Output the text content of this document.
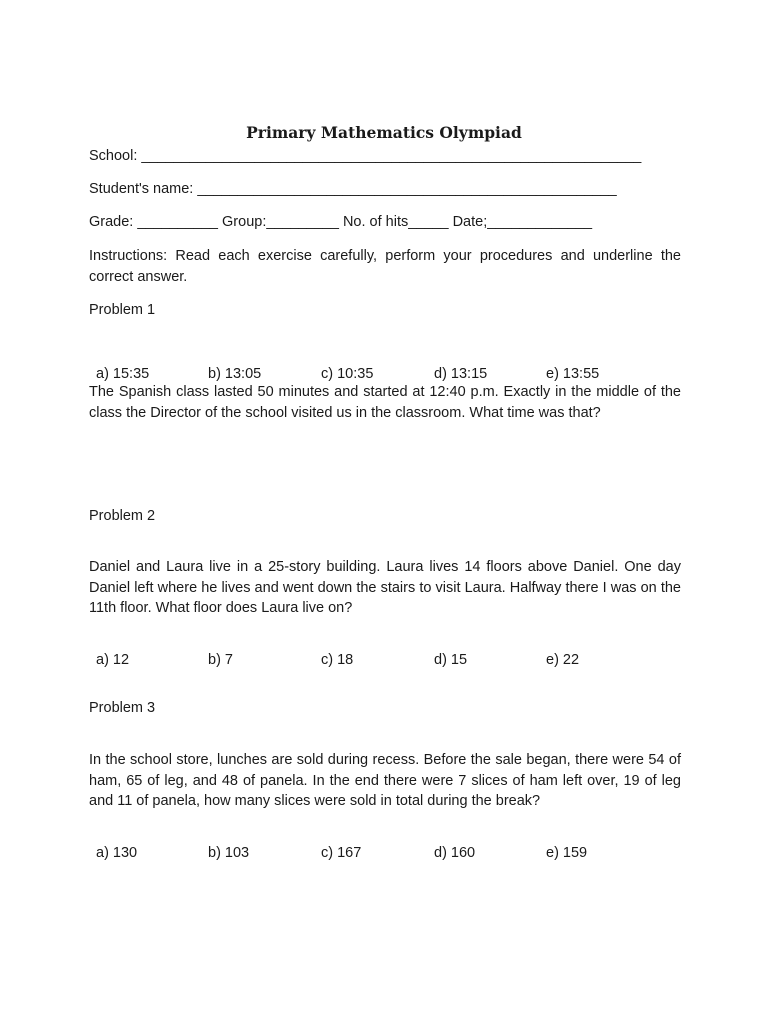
Primary Mathematics Olympiad
School: ______________________________________________________________
Student's name: ____________________________________________________
Grade: __________ Group:_________ No. of hits_____ Date;_____________
Instructions: Read each exercise carefully, perform your procedures and underline the correct answer.
Problem 1
a) 15:35	b) 13:05	c) 10:35	d) 13:15	e) 13:55
The Spanish class lasted 50 minutes and started at 12:40 p.m. Exactly in the middle of the class the Director of the school visited us in the classroom. What time was that?
Problem 2
Daniel and Laura live in a 25-story building. Laura lives 14 floors above Daniel. One day Daniel left where he lives and went down the stairs to visit Laura. Halfway there I was on the 11th floor. What floor does Laura live on?
a) 12	b) 7	c) 18	d) 15	e) 22
Problem 3
In the school store, lunches are sold during recess. Before the sale began, there were 54 of ham, 65 of leg, and 48 of panela. In the end there were 7 slices of ham left over, 19 of leg and 11 of panela, how many slices were sold in total during the break?
a) 130	b) 103	c) 167	d) 160	e) 159
